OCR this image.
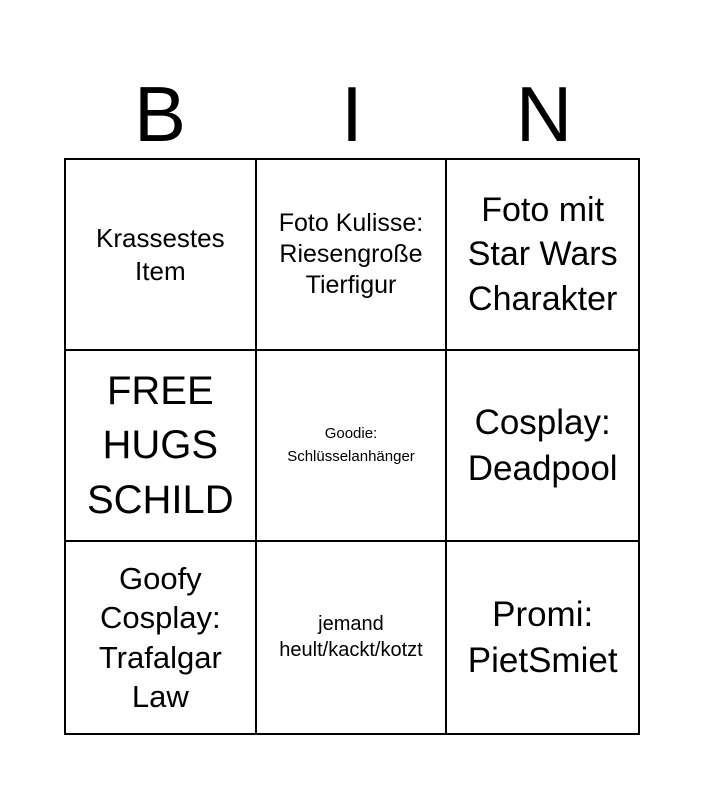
B	I	N
Krassestes
Item
Foto Kulisse:
Riesengroße
Tierfigur
Foto mit
Star Wars
Charakter
FREE
HUGS
SCHILD
Goodie:
Schlüsselanhänger
Cosplay:
Deadpool
Goofy
Cosplay:
Trafalgar
Law
jemand
heult/kackt/kotzt
Promi:
PietSmiet
